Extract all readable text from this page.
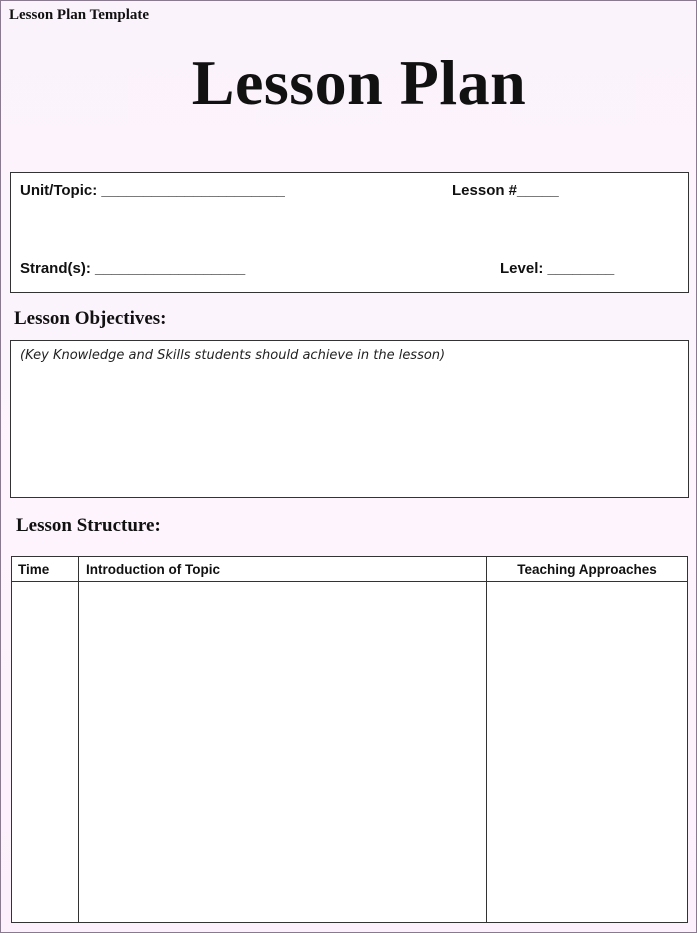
Lesson Plan Template
Lesson Plan
Unit/Topic: ______________________	Lesson #_____
Strand(s): __________________	Level: ________
Lesson Objectives:
(Key Knowledge and Skills students should achieve in the lesson)
Lesson Structure:
Time	Introduction of Topic	Teaching Approaches
